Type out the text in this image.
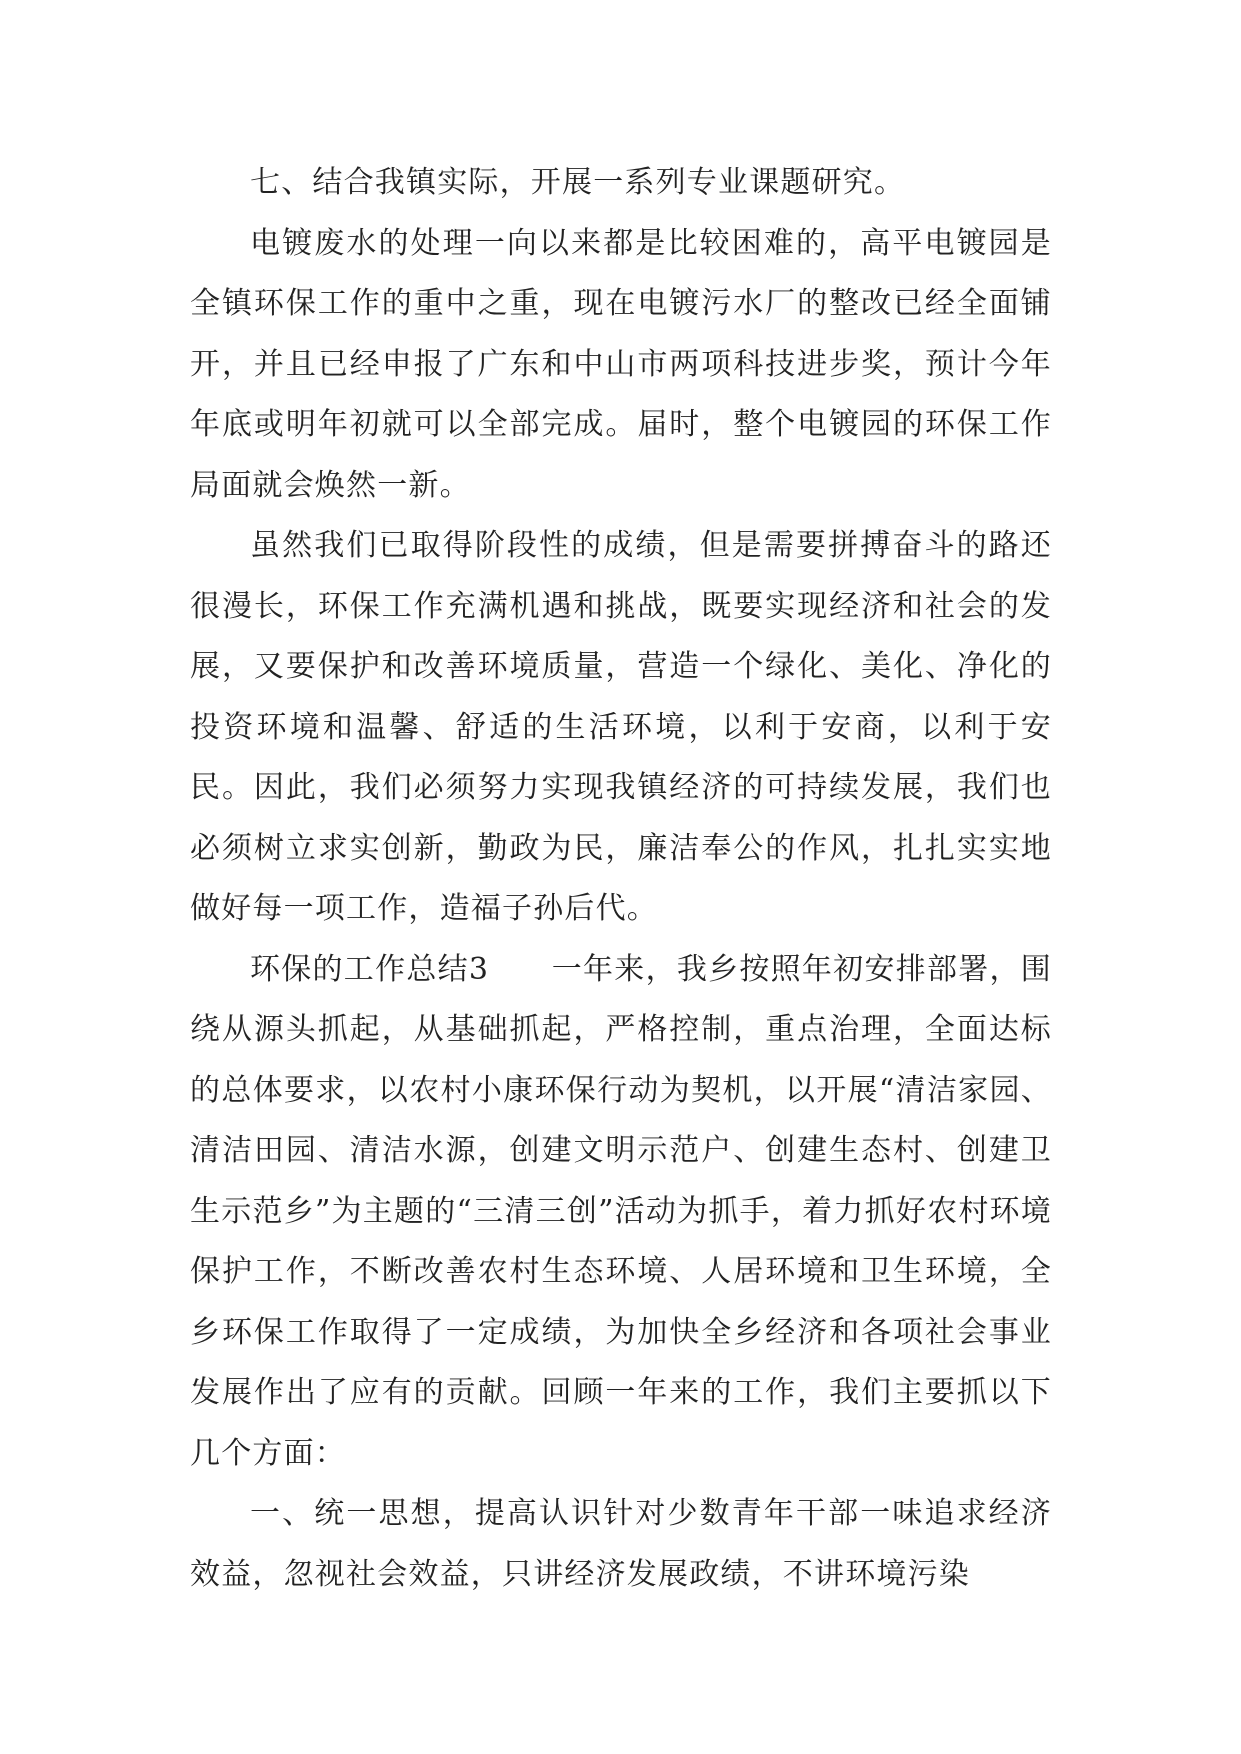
七、结合我镇实际，开展一系列专业课题研究。

电镀废水的处理一向以来都是比较困难的，高平电镀园是全镇环保工作的重中之重，现在电镀污水厂的整改已经全面铺开，并且已经申报了广东和中山市两项科技进步奖，预计今年年底或明年初就可以全部完成。届时，整个电镀园的环保工作局面就会焕然一新。

虽然我们已取得阶段性的成绩，但是需要拼搏奋斗的路还很漫长，环保工作充满机遇和挑战，既要实现经济和社会的发展，又要保护和改善环境质量，营造一个绿化、美化、净化的投资环境和温馨、舒适的生活环境，以利于安商，以利于安民。因此，我们必须努力实现我镇经济的可持续发展，我们也必须树立求实创新，勤政为民，廉洁奉公的作风，扎扎实实地做好每一项工作，造福子孙后代。

环保的工作总结3　　一年来，我乡按照年初安排部署，围绕从源头抓起，从基础抓起，严格控制，重点治理，全面达标的总体要求，以农村小康环保行动为契机，以开展“清洁家园、清洁田园、清洁水源，创建文明示范户、创建生态村、创建卫生示范乡”为主题的“三清三创”活动为抓手，着力抓好农村环境保护工作，不断改善农村生态环境、人居环境和卫生环境，全乡环保工作取得了一定成绩，为加快全乡经济和各项社会事业发展作出了应有的贡献。回顾一年来的工作，我们主要抓以下几个方面：

一、统一思想，提高认识针对少数青年干部一味追求经济效益，忽视社会效益，只讲经济发展政绩，不讲环境污染
